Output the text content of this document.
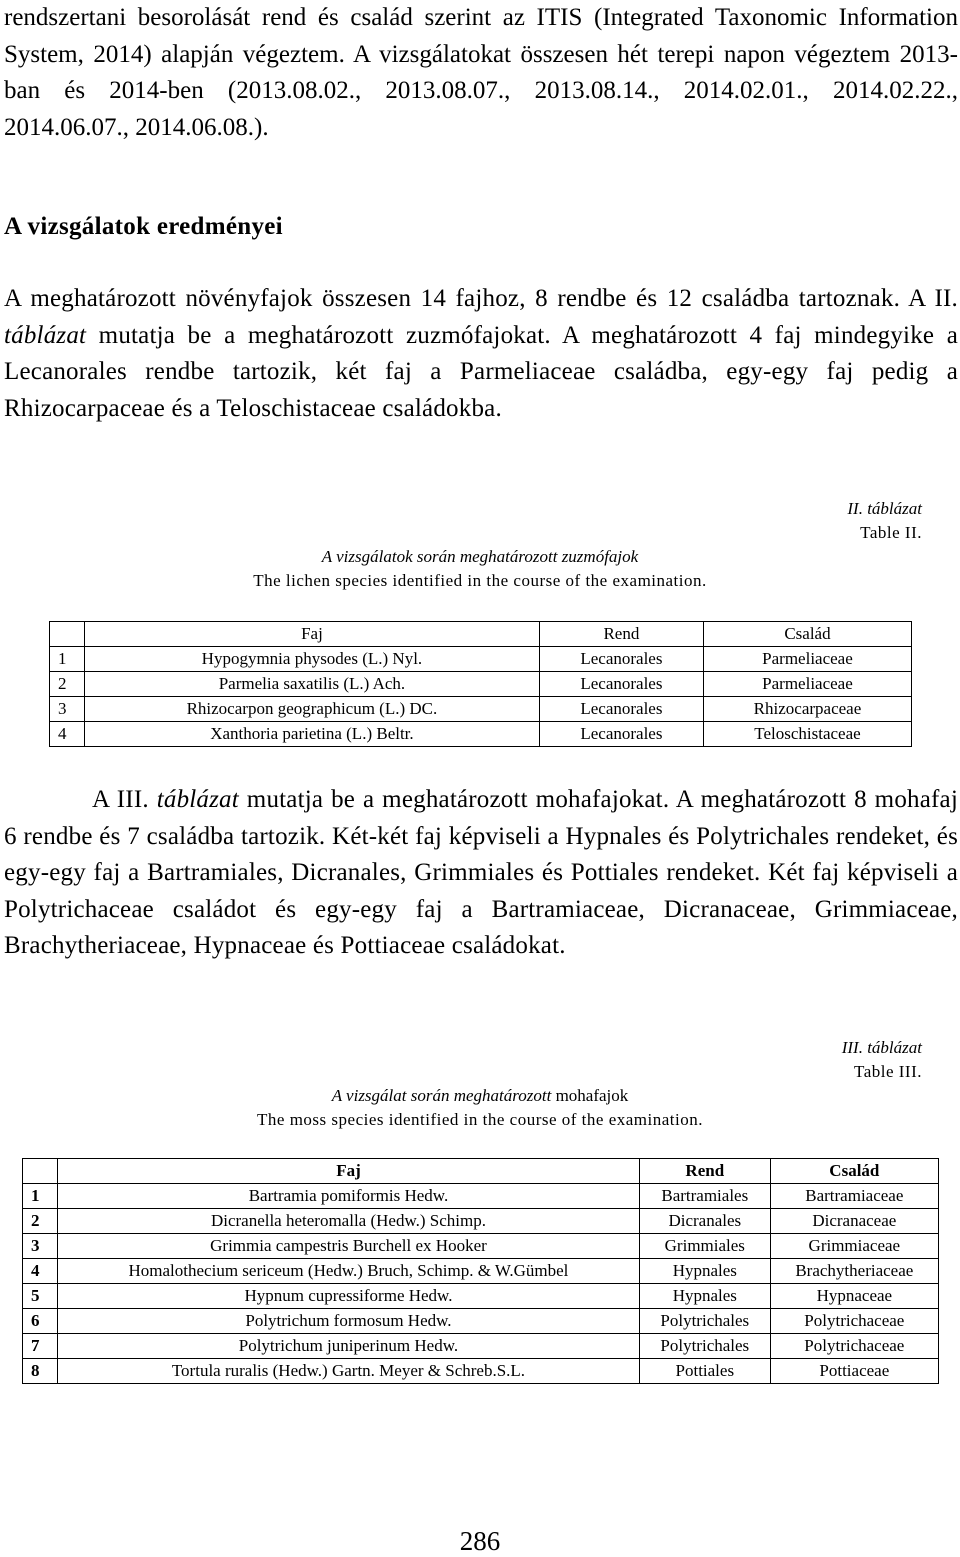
rendszertani besorolását rend és család szerint az ITIS (Integrated Taxonomic Information System, 2014) alapján végeztem. A vizsgálatokat összesen hét terepi napon végeztem 2013-ban és 2014-ben (2013.08.02., 2013.08.07., 2013.08.14., 2014.02.01., 2014.02.22., 2014.06.07., 2014.06.08.).

A vizsgálatok eredményei

A meghatározott növényfajok összesen 14 fajhoz, 8 rendbe és 12 családba tartoznak. A II. táblázat mutatja be a meghatározott zuzmófajokat. A meghatározott 4 faj mindegyike a Lecanorales rendbe tartozik, két faj a Parmeliaceae családba, egy-egy faj pedig a Rhizocarpaceae és a Teloschistaceae családokba.

II. táblázat
Table II.
A vizsgálatok során meghatározott zuzmófajok
The lichen species identified in the course of the examination.
	Faj	Rend	Család
1	Hypogymnia physodes (L.) Nyl.	Lecanorales	Parmeliaceae
2	Parmelia saxatilis (L.) Ach.	Lecanorales	Parmeliaceae
3	Rhizocarpon geographicum (L.) DC.	Lecanorales	Rhizocarpaceae
4	Xanthoria parietina (L.) Beltr.	Lecanorales	Teloschistaceae

A III. táblázat mutatja be a meghatározott mohafajokat. A meghatározott 8 mohafaj 6 rendbe és 7 családba tartozik. Két-két faj képviseli a Hypnales és Polytrichales rendeket, és egy-egy faj a Bartramiales, Dicranales, Grimmiales és Pottiales rendeket. Két faj képviseli a Polytrichaceae családot és egy-egy faj a Bartramiaceae, Dicranaceae, Grimmiaceae, Brachytheriaceae, Hypnaceae és Pottiaceae családokat.

III. táblázat
Table III.
A vizsgálat során meghatározott mohafajok
The moss species identified in the course of the examination.
	Faj	Rend	Család
1	Bartramia pomiformis Hedw.	Bartramiales	Bartramiaceae
2	Dicranella heteromalla (Hedw.) Schimp.	Dicranales	Dicranaceae
3	Grimmia campestris Burchell ex Hooker	Grimmiales	Grimmiaceae
4	Homalothecium sericeum (Hedw.) Bruch, Schimp. & W.Gümbel	Hypnales	Brachytheriaceae
5	Hypnum cupressiforme Hedw.	Hypnales	Hypnaceae
6	Polytrichum formosum Hedw.	Polytrichales	Polytrichaceae
7	Polytrichum juniperinum Hedw.	Polytrichales	Polytrichaceae
8	Tortula ruralis (Hedw.) Gartn. Meyer & Schreb.S.L.	Pottiales	Pottiaceae
286
